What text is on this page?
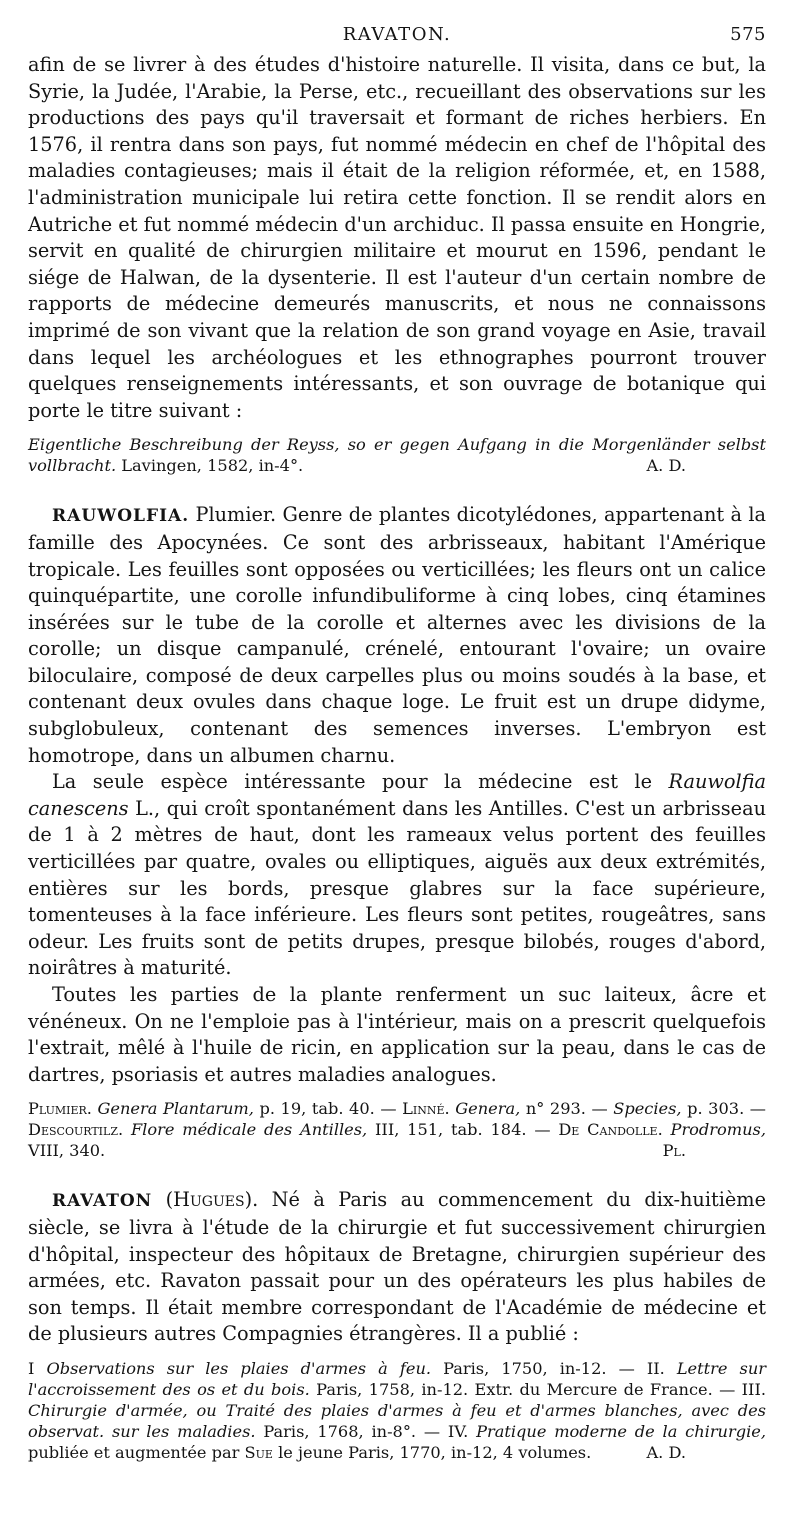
RAVATON.	575

afin de se livrer à des études d'histoire naturelle. Il visita, dans ce but, la Syrie, la Judée, l'Arabie, la Perse, etc., recueillant des observations sur les productions des pays qu'il traversait et formant de riches herbiers. En 1576, il rentra dans son pays, fut nommé médecin en chef de l'hôpital des maladies contagieuses; mais il était de la religion réformée, et, en 1588, l'administration municipale lui retira cette fonction. Il se rendit alors en Autriche et fut nommé médecin d'un archiduc. Il passa ensuite en Hongrie, servit en qualité de chirurgien militaire et mourut en 1596, pendant le siége de Halwan, de la dysenterie. Il est l'auteur d'un certain nombre de rapports de médecine demeurés manuscrits, et nous ne connaissons imprimé de son vivant que la relation de son grand voyage en Asie, travail dans lequel les archéologues et les ethnographes pourront trouver quelques renseignements intéressants, et son ouvrage de botanique qui porte le titre suivant :

Eigentliche Beschreibung der Reyss, so er gegen Aufgang in die Morgenländer selbst vollbracht. Lavingen, 1582, in-4°.	A. D.

RAUWOLFIA. Plumier. Genre de plantes dicotylédones, appartenant à la famille des Apocynées. Ce sont des arbrisseaux, habitant l'Amérique tropicale. Les feuilles sont opposées ou verticillées; les fleurs ont un calice quinquépartite, une corolle infundibuliforme à cinq lobes, cinq étamines insérées sur le tube de la corolle et alternes avec les divisions de la corolle; un disque campanulé, crénelé, entourant l'ovaire; un ovaire biloculaire, composé de deux carpelles plus ou moins soudés à la base, et contenant deux ovules dans chaque loge. Le fruit est un drupe didyme, subglobuleux, contenant des semences inverses. L'embryon est homotrope, dans un albumen charnu.

La seule espèce intéressante pour la médecine est le Rauwolfia canescens L., qui croît spontanément dans les Antilles. C'est un arbrisseau de 1 à 2 mètres de haut, dont les rameaux velus portent des feuilles verticillées par quatre, ovales ou elliptiques, aiguës aux deux extrémités, entières sur les bords, presque glabres sur la face supérieure, tomenteuses à la face inférieure. Les fleurs sont petites, rougeâtres, sans odeur. Les fruits sont de petits drupes, presque bilobés, rouges d'abord, noirâtres à maturité.

Toutes les parties de la plante renferment un suc laiteux, âcre et vénéneux. On ne l'emploie pas à l'intérieur, mais on a prescrit quelquefois l'extrait, mêlé à l'huile de ricin, en application sur la peau, dans le cas de dartres, psoriasis et autres maladies analogues.

Plumier. Genera Plantarum, p. 19, tab. 40. — Linné. Genera, n° 293. — Species, p. 303. — Descourtilz. Flore médicale des Antilles, III, 151, tab. 184. — De Candolle. Prodromus, VIII, 340.	Pl.

RAVATON (Hugues). Né à Paris au commencement du dix-huitième siècle, se livra à l'étude de la chirurgie et fut successivement chirurgien d'hôpital, inspecteur des hôpitaux de Bretagne, chirurgien supérieur des armées, etc. Ravaton passait pour un des opérateurs les plus habiles de son temps. Il était membre correspondant de l'Académie de médecine et de plusieurs autres Compagnies étrangères. Il a publié :

I Observations sur les plaies d'armes à feu. Paris, 1750, in-12. — II. Lettre sur l'accroissement des os et du bois. Paris, 1758, in-12. Extr. du Mercure de France. — III. Chirurgie d'armée, ou Traité des plaies d'armes à feu et d'armes blanches, avec des observat. sur les maladies. Paris, 1768, in-8°. — IV. Pratique moderne de la chirurgie, publiée et augmentée par Sue le jeune Paris, 1770, in-12, 4 volumes.	A. D.
